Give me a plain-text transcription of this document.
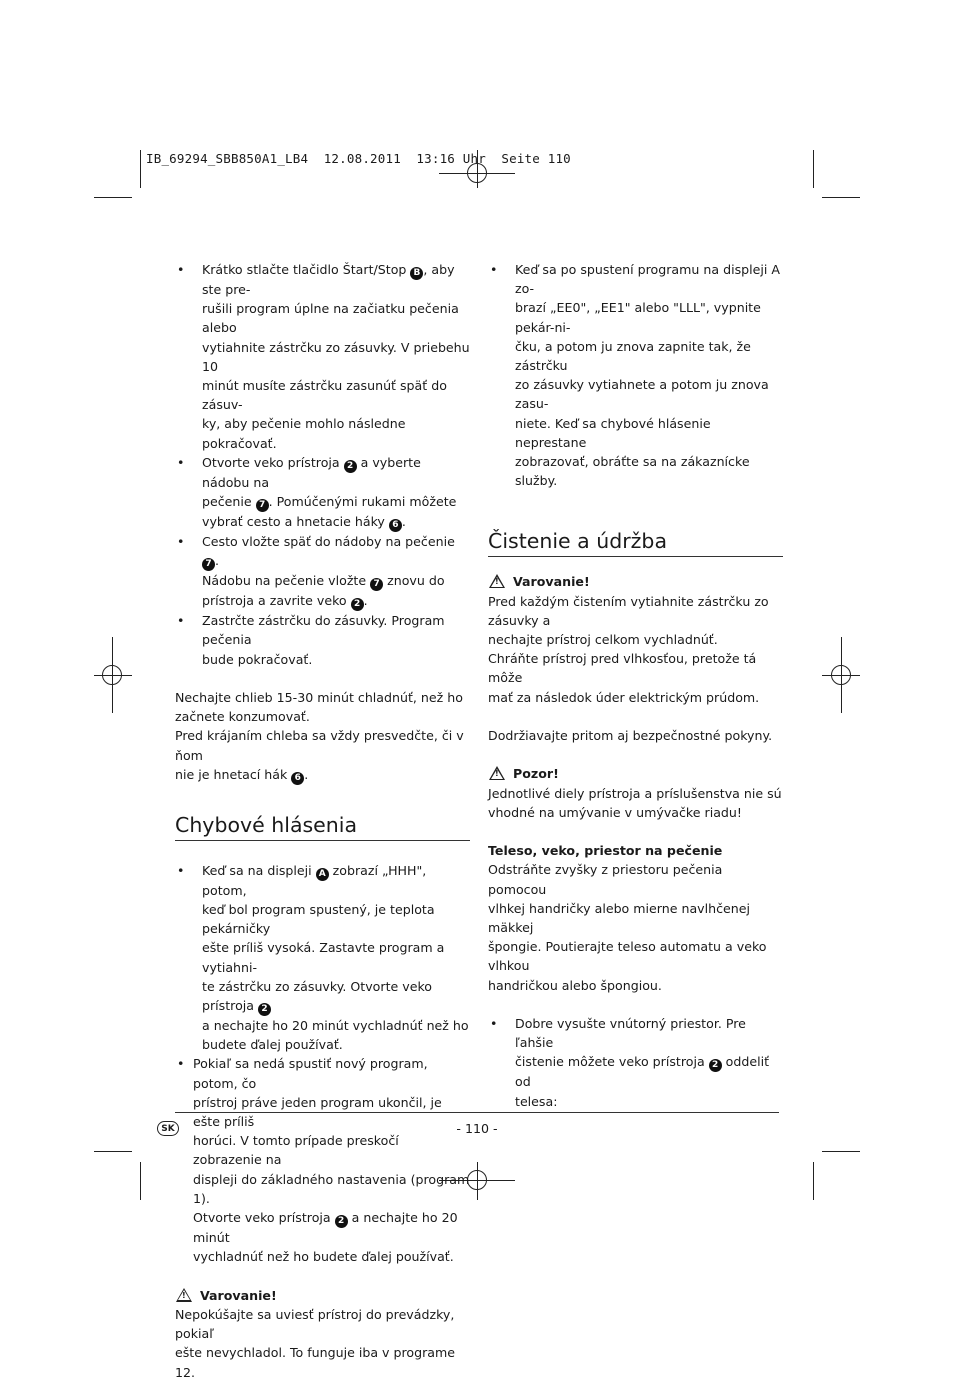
IB_69294_SBB850A1_LB4  12.08.2011  13:16 Uhr  Seite 110
• Krátko stlačte tlačidlo Štart/Stop B , aby ste pre-

rušili program úplne na začiatku pečenia alebo

vytiahnite zástrčku zo zásuvky. V priebehu 10

minút musíte zástrčku zasunúť späť do zásuv-

ky, aby pečenie mohlo následne pokračovať.

• Otvorte veko prístroja 2 a vyberte nádobu na

pečenie 7 . Pomúčenými rukami môžete

vybrať cesto a hnetacie háky 6 .

• Cesto vložte späť do nádoby na pečenie 7 .

Nádobu na pečenie vložte 7 znovu do

prístroja a zavrite veko 2 .

• Zastrčte zástrčku do zásuvky. Program pečenia

bude pokračovať.

Nechajte chlieb 15-30 minút chladnúť, než ho

začnete konzumovať.

Pred krájaním chleba sa vždy presvedčte, či v ňom

nie je hnetací hák 6 .

Chybové hlásenia
• Keď sa na displeji A zobrazí „HHH", potom,

keď bol program spustený, je teplota pekárničky

ešte príliš vysoká. Zastavte program a vytiahni-

te zástrčku zo zásuvky. Otvorte veko prístroja 2

a nechajte ho 20 minút vychladnúť než ho

budete ďalej používať.

• Pokiaľ sa nedá spustiť nový program, potom, čo

prístroj práve jeden program ukončil, je ešte príliš

horúci. V tomto prípade preskočí zobrazenie na

displeji do základného nastavenia (program 1).

Otvorte veko prístroja 2 a nechajte ho 20 minút

vychladnúť než ho budete ďalej používať.

! Varovanie!

Nepokúšajte sa uviesť prístroj do prevádzky, pokiaľ

ešte nevychladol. To funguje iba v programe 12.

• Keď sa po spustení programu na displeji A zo-

brazí „EE0", „EE1" alebo "LLL", vypnite pekár-ni-

čku, a potom ju znova zapnite tak, že zástrčku

zo zásuvky vytiahnete a potom ju znova zasu-

niete. Keď sa chybové hlásenie neprestane

zobrazovať, obráťte sa na zákaznícke služby.

Čistenie a údržba

! Varovanie!

Pred každým čistením vytiahnite zástrčku zo zásuvky a

nechajte prístroj celkom vychladnúť.

Chráňte prístroj pred vlhkosťou, pretože tá môže

mať za následok úder elektrickým prúdom.

Dodržiavajte pritom aj bezpečnostné pokyny.

! Pozor!

Jednotlivé diely prístroja a príslušenstva nie sú

vhodné na umývanie v umývačke riadu!

Teleso, veko, priestor na pečenie

Odstráňte zvyšky z priestoru pečenia pomocou

vlhkej handričky alebo mierne navlhčenej mäkkej

špongie. Poutierajte teleso automatu a veko vlhkou

handričkou alebo špongiou.

• Dobre vysušte vnútorný priestor. Pre ľahšie

čistenie môžete veko prístroja 2 oddeliť od

telesa:

SK	- 110 -
